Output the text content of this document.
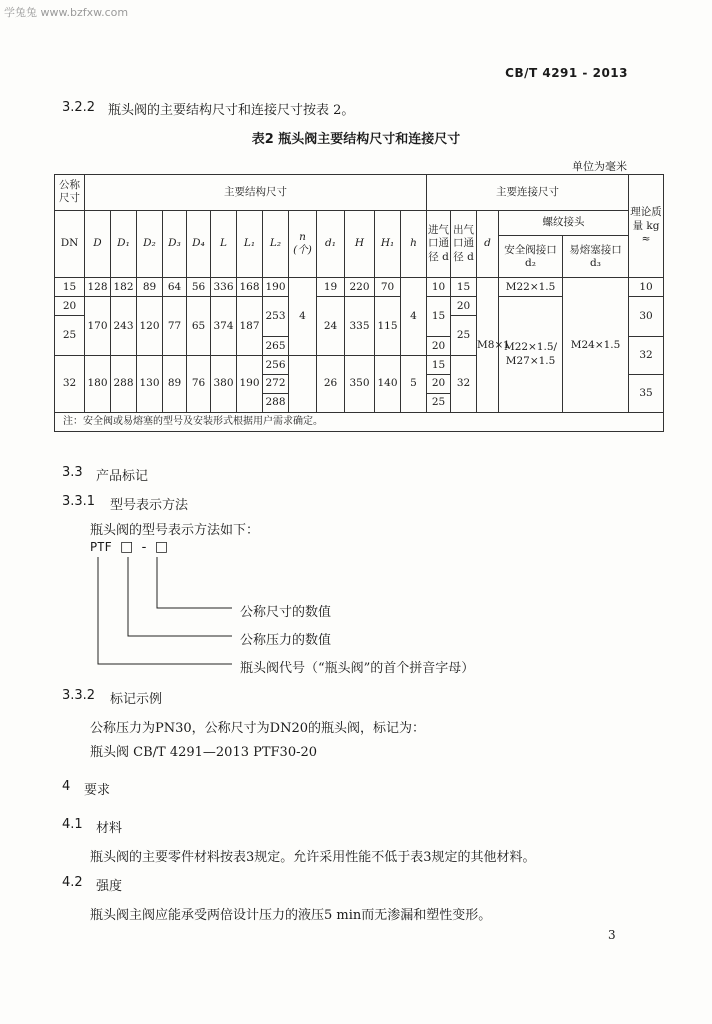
学兔兔 www.bzfxw.com
CB/T 4291 - 2013
3.2.2 瓶头阀的主要结构尺寸和连接尺寸按表 2。
表2 瓶头阀主要结构尺寸和连接尺寸
单位为毫米
公称尺寸	主要结构尺寸													主要连接尺寸					理论质量 kg ≈
DN	D	D₁	D₂	D₃	D₄	L	L₁	L₂	n (个)	d₁	H	H₁	h	进气口通径 d	出气口通径 d	d	螺纹接头		
																	安全阀接口 d₂	易熔塞接口 d₃	
15	128	182	89	64	56	336	168	190	4	19	220	70	4	10	15	M8×1	M22×1.5	M24×1.5	10
20	170	243	120	77	65	374	187	253		24	335	115		15	20		M22×1.5/ M27×1.5		30
25															25				
								265						20					32
32	180	288	130	89	76	380	190	256		26	350	140	5	15	32				
								272						20					35
								288						25					
注：安全阀或易熔塞的型号及安装形式根据用户需求确定。																			
3.3 产品标记
3.3.1 型号表示方法
瓶头阀的型号表示方法如下：
PTF □ - □
公称尺寸的数值
公称压力的数值
瓶头阀代号（“瓶头阀”的首个拼音字母）
3.3.2 标记示例
公称压力为PN30，公称尺寸为DN20的瓶头阀，标记为：
瓶头阀 CB/T 4291—2013 PTF30-20
4 要求
4.1 材料
瓶头阀的主要零件材料按表3规定。允许采用性能不低于表3规定的其他材料。
4.2 强度
瓶头阀主阀应能承受两倍设计压力的液压5 min而无渗漏和塑性变形。
3
